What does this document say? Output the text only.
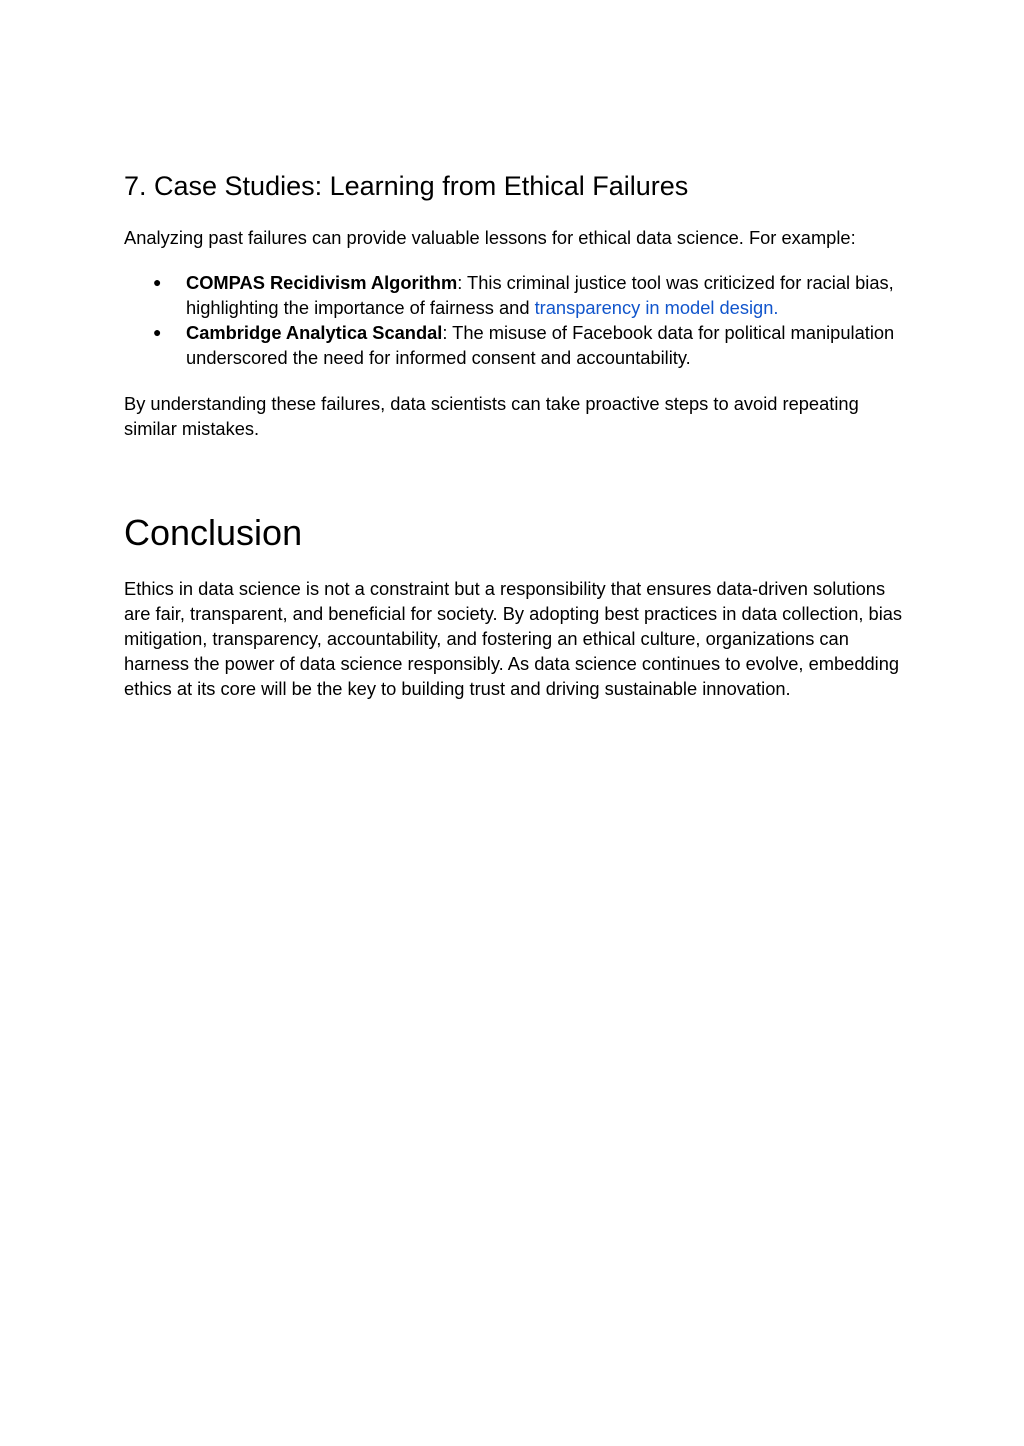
7. Case Studies: Learning from Ethical Failures

Analyzing past failures can provide valuable lessons for ethical data science. For example:

● COMPAS Recidivism Algorithm: This criminal justice tool was criticized for racial bias, highlighting the importance of fairness and transparency in model design.
● Cambridge Analytica Scandal: The misuse of Facebook data for political manipulation underscored the need for informed consent and accountability.

By understanding these failures, data scientists can take proactive steps to avoid repeating similar mistakes.

Conclusion

Ethics in data science is not a constraint but a responsibility that ensures data-driven solutions are fair, transparent, and beneficial for society. By adopting best practices in data collection, bias mitigation, transparency, accountability, and fostering an ethical culture, organizations can harness the power of data science responsibly. As data science continues to evolve, embedding ethics at its core will be the key to building trust and driving sustainable innovation.
